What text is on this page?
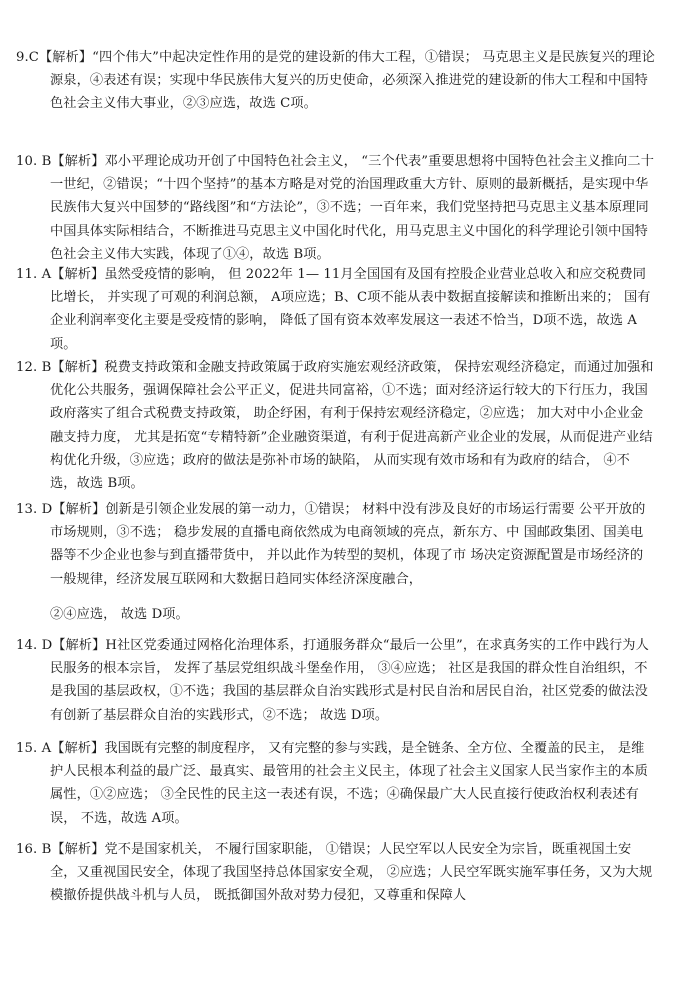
9.C【解析】“四个伟大”中起决定性作用的是党的建设新的伟大工程，①错误； 马克思主义是民族复兴的理论源泉，④表述有误；实现中华民族伟大复兴的历史使命，必须深入推进党的建设新的伟大工程和中国特色社会主义伟大事业，②③应选，故选 C项。

10. B【解析】邓小平理论成功开创了中国特色社会主义， “三个代表”重要思想将中国特色社会主义推向二十一世纪，②错误；“十四个坚持”的基本方略是对党的治国理政重大方针、原则的最新概括，是实现中华民族伟大复兴中国梦的“路线图”和“方法论”，③不选；一百年来，我们党坚持把马克思主义基本原理同中国具体实际相结合，不断推进马克思主义中国化时代化，用马克思主义中国化的科学理论引领中国特色社会主义伟大实践，体现了①④，故选 B项。

11. A【解析】虽然受疫情的影响， 但 2022年 1— 11月全国国有及国有控股企业营业总收入和应交税费同比增长， 并实现了可观的利润总额， A项应选；B、C项不能从表中数据直接解读和推断出来的； 国有企业利润率变化主要是受疫情的影响， 降低了国有资本效率发展这一表述不恰当，D项不选，故选 A项。

12. B【解析】税费支持政策和金融支持政策属于政府实施宏观经济政策， 保持宏观经济稳定，而通过加强和优化公共服务，强调保障社会公平正义，促进共同富裕，①不选；面对经济运行较大的下行压力，我国政府落实了组合式税费支持政策， 助企纾困，有利于保持宏观经济稳定，②应选； 加大对中小企业金融支持力度， 尤其是拓宽“专精特新”企业融资渠道，有利于促进高新产业企业的发展，从而促进产业结构优化升级，③应选；政府的做法是弥补市场的缺陷， 从而实现有效市场和有为政府的结合， ④不选，故选 B项。

13. D【解析】创新是引领企业发展的第一动力，①错误； 材料中没有涉及良好的市场运行需要 公平开放的市场规则，③不选； 稳步发展的直播电商依然成为电商领域的亮点，新东方、中 国邮政集团、国美电器等不少企业也参与到直播带货中， 并以此作为转型的契机，体现了市 场决定资源配置是市场经济的一般规律，经济发展互联网和大数据日趋同实体经济深度融合，

②④应选， 故选 D项。

14. D【解析】H社区党委通过网格化治理体系，打通服务群众“最后一公里”，在求真务实的工作中践行为人民服务的根本宗旨， 发挥了基层党组织战斗堡垒作用， ③④应选； 社区是我国的群众性自治组织，不是我国的基层政权，①不选；我国的基层群众自治实践形式是村民自治和居民自治，社区党委的做法没有创新了基层群众自治的实践形式，②不选； 故选 D项。

15. A【解析】我国既有完整的制度程序， 又有完整的参与实践，是全链条、全方位、全覆盖的民主， 是维护人民根本利益的最广泛、最真实、最管用的社会主义民主，体现了社会主义国家人民当家作主的本质属性，①②应选； ③全民性的民主这一表述有误，不选；④确保最广大人民直接行使政治权利表述有误， 不选，故选 A项。

16. B【解析】党不是国家机关， 不履行国家职能， ①错误；人民空军以人民安全为宗旨，既重视国土安全，又重视国民安全，体现了我国坚持总体国家安全观， ②应选；人民空军既实施军事任务，又为大规模撤侨提供战斗机与人员， 既抵御国外敌对势力侵犯，又尊重和保障人
